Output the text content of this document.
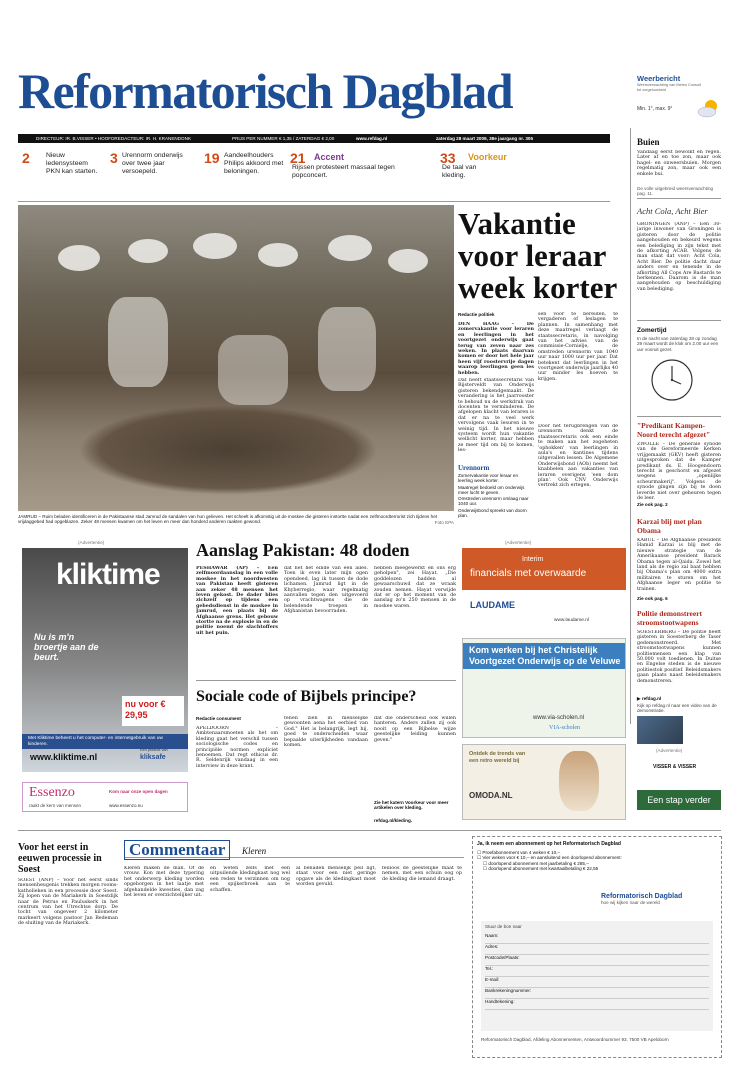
Reformatorisch Dagblad	Weerbericht
Weersverwachting van Meteo Consult
tot zorgeloosheid
Min. 1°, max. 9°
DIRECTEUR: IR. B.VISSER • HOOFDREDACTEUR: IR. H. KRANENDONK	PRIJS PER NUMMER € 1,35 / ZATERDAG € 2,00	www.refdag.nl	zaterdag 28 maart 2009, 38e jaargang nr. 305
2 Nieuw ledensysteem PKN kan starten.
3 Urennorm onderwijs over twee jaar versoepeld.
19 Aandeelhouders Philips akkoord met beloningen.
21 Accent
Rijssen protesteert massaal tegen popconcert.
33 Voorkeur
De taal van kleding.
JAMRUD – Ruim beladen identificeren in de Pakistaanse stad Jamrud de sandalen van hun gelieven. Het scheelt is afkomstig uit de moskee die gisteren instortte nadat een zelfmoordterrorist zich tijdens het vrijdaggebed had opgeblazen. Zeker 48 mensen kwamen om het leven en meer dan honderd anderen raakten gewond.	Foto EPA
Vakantie voor leraar week korter
Redactie politiek
DEN HAAG – De zomervakantie voor leraren en leerlingen in het voortgezet onderwijs gaat terug van zeven naar zes weken. In plaats daarvan komen er door het hele jaar heen vijf roostervrije dagen waarop leerlingen geen les hebben.
Dat heeft staatssecretaris Van Bijsterveldt van Onderwijs gisteren bekendgemaakt. De verandering is het jaarrooster te behoud nu de werkdruk van docenten te verminderen. De afgelopen klacht van leraren is dat er na te veel werk vervolgens vaak lesuren in te weinig tijd. In het nieuwe systeem wordt hun vakantie wellicht korter, maar hebben ze meer tijd om bij te komen, les-
Urennorm
Zomervakantie voor leraar en leerling week korter.
Maatregel bedoeld om onderwijs meer lucht te geven.
Omstreden urennorm omlaag naar 1040 uur.
Onderwijsbond spreekt van doorn plan.
sen voor te bereiden, te vergaderen of leslagen te plannen. In samenhang met deze maatregel verlaagt de staatssecretaris, in navolging van het advies van de commissie-Cornielje, de omstreden urennorm van 1040 uur naar 1000 uur per jaar. Dat betekent dat leerlingen in het voortgezet onderwijs jaarlijks 40 uur minder les hoeven te krijgen.
Door het terugbrengen van de urennorm denkt de staatssecretaris ook een einde te maken aan het zogeheten 'ophokken' van leerlingen in aula's en kantines tijdens uitgevallen lessen. De Algemene Onderwijsbond (AOb) neemt het knabbelen aan vakanties van leraren overigens 'een dom plan'. Ook CNV Onderwijs vertrekt zich ertegen.
Buien
Vandaag eerst bewolkt en regen. Later af en toe zon, maar ook hagel- en onweersbuien. Morgen regelmatig zon, maar ook een enkele bui.
De volle uitgebreid weersverwachting pag. 11.
Acht Cola, Acht Bier
GRONINGEN (ANP) – Een 30-jarige inwoner van Groningen is gisteren door de politie aangehouden en bekeurd wegens een belediging in zijn tekst met de afkorting ACAB. Volgens de man staat dat voor: Acht Cola, Acht Bier. De politie dacht daar anders over en tenende in de afkorting All Cops Are Bastards te herkennen. Daarom is de man aangehouden op beschuldiging van belediging.
Zomertijd
In de nacht van zaterdag 28 op zondag 29 maart wordt de klok om 2.00 uur een uur vooruit gezet.
"Predikant Kampen-Noord terecht afgezet"
ZWOLLE – De generale synode van de Gereformeerde Kerken vrijgemaakt (GKV) heeft gisteren uitgesproken dat de Kamper predikant ds. E. Hoogendoorn terecht is geschorst en afgezet wegens „openlijke scheurmakerij". Volgens de synode gingen zijn bij te doen leverde niet over geheuren tegen de leer.
Zie ook pag. 2
Karzai blij met plan Obama
KABUL – De Afghaanse president Hamid Karzai is blij met de nieuwe strategie van de Amerikaanse president Barack Obama tegen al-Qaida. Zowel het land als de regio zal baat hebben bij Obama's plan om 4000 extra militairen te sturen om het Afghaanse leger en politie te trainen.
Zie ook pag. 6
Politie demonstreert stroomstootwapens
SOESTERBERG – De politie heeft gisteren in Soesterberg de Taser gedemonstreerd. Met stroomstootwapens kunnen politiemensen een klap van 50.000 volt toedienen. In Duitse en Engelse steden is de nieuwe politiestok positief. Beleidsmakers gaan plaats naast beleidsmakers demonstreren.
▶ refdag.nl
Kijk op refdag.nl naar een video van de demonstratie.
(Advertentie)
kliktime
Nu is m'n broertje aan de beurt.
nu voor € 29,95
Met Kliktime beheert u het computer- en internetgebruik van uw kinderen.
www.kliktime.nl
Een product van
kliksafe
Essenzo
raakt de kern van mensen
Kom naar onze open dagen
www.essenzo.nu
Aanslag Pakistan: 48 doden
PESHAWAR (AP) – Een zelfmoordaanslag in een volle moskee in het noordwesten van Pakistan heeft gisteren aan zeker 48 mensen het leven gekost. De dader blies zichzelf op tijdens een gebedsdienst in de moskee in Jamrud, een plaats bij de Afghaanse grens. Het gebouw stortte na de explosie in en de politie noemt de slachtoffers uit het puin.
dat het het einde van een alles. Toen ik even later mijn ogen opendeed, lag ik tussen de dode lichamen. Jamrud ligt in de Khyberregio, waar regelmatig aanvallen tegen den uitgevoerd op vrachtwagens die de belendende troepen in Afghanistan bevoorraden.
hebben meegewerkt en ons erg geholpen", zei Hayat. „Die goddelozen hadden al gewaarschuwd dat ze wraak zouden nemen. Hayat verwijde dat er op het moment van de aanslag zo'n 250 mensen in de moskee waren.
Sociale code of Bijbels principe?
Redactie consument
APELDOORN – Ambtenaarsmoeten als het om kleding gaat het verschil tussen sociologische codes en principiële normen expliciet benoemen. Dat regt ethicus dr. R. Seldenrijk vandaag in een interview in deze krant.
tenen zien in menselijke gewoonten aena het eerbied van God." Het is belangrijk, legt hij, goed te onderscheiden waar bepaalde uiterlijkheden vandaan komen.
dat die onderscheid ook willen hanteren. Anders zullen zij ook nooit op een Bijbelse wijze geestelijke leiding kunnen geven."
Zie het katern Voorkeur voor meer artikelen over kleding.
refdag.nl/kleding.
(Advertentie)
Interim
financials met overwaarde
LAUDAME
www.laudame.nl
Kom werken bij het Christelijk Voortgezet Onderwijs op de Veluwe
www.via-scholen.nl
VIA-scholen
Ontdek de trends van een retro wereld bij
OMODA.NL
(Advertentie)
VISSER & VISSER
Een stap verder
Voor het eerst in eeuwen processie in Soest
SOEST (ANP) – Voor het eerst sinds mensenheugenis trekken morgen rooms-katholieken in een processie door Soest. Zij lopen van de Mariakerk in Soestdijk naar de Petrus en Pauluskerk in het centrum van het Utrechtse dorp. De tocht van ongeveer 2 kilometer markeert volgens pastoor Jan Bedeman de sluiting van de Mariakerk.
Commentaar	Kleren
Kleren maken de man. Of de vrouw. Kon met deze typering het onderwerp kleding worden opgeborgen in het laatje met afgehandelde kwesties, dan zag het leven er overzichtelijker uit.
en weten zelfs met een uitpuilende kledingkast nog wel een reden te verzinnen om nog een spijkerbroek aan te schaffen.
al benaden menselijk peil ligt, staat voor een niet geringe opgave als de kledingkast moet worden gevuld.
feilloos de geestelijke maat te nemen, met een schuin oog op de kleding die iemand draagt.
Ja, ik neem een abonnement op het Reformatorisch Dagblad
☐ Proefabonnement van 4 weken € 10,–
☐ Vier weken voor € 10,– en aansluitend een doorlopend abonnement:
☐ doorlopend abonnement met jaarbetaling € 285,–
☐ doorlopend abonnement met kwartaalbetaling € 22,55
Reformatorisch Dagblad
hoe wij kijken naar de wereld
Stuur de bon naar
Naam:
Adres:
Postcode/Plaats:
Tel.:
E-mail:
Bankrekeningnummer:
Handtekening:
Reformatorisch Dagblad, Afdeling Abonnementen, Antwoordnummer 93, 7500 VB Apeldoorn
